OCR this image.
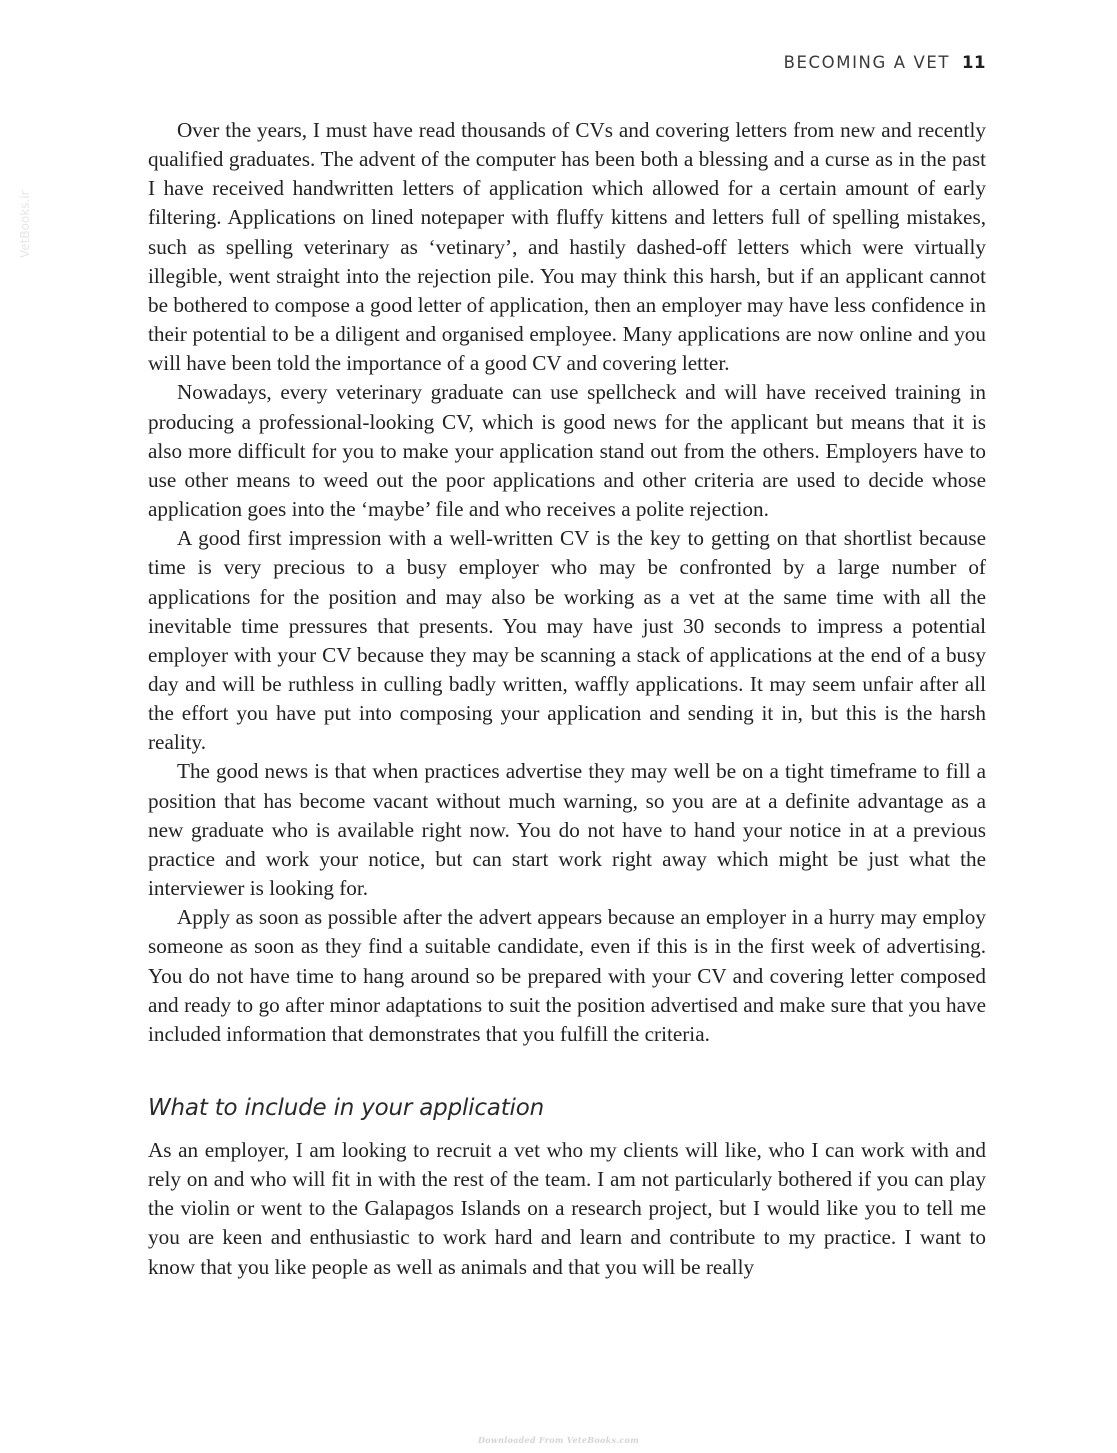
BECOMING A VET 11
VetBooks.ir

Over the years, I must have read thousands of CVs and covering letters from new and recently qualified graduates. The advent of the computer has been both a blessing and a curse as in the past I have received handwritten letters of application which allowed for a certain amount of early filtering. Applications on lined notepaper with fluffy kittens and letters full of spelling mistakes, such as spelling veterinary as ‘vetinary’, and hastily dashed-off letters which were virtually illegible, went straight into the rejection pile. You may think this harsh, but if an applicant cannot be bothered to compose a good letter of application, then an employer may have less confidence in their potential to be a diligent and organised employee. Many applications are now online and you will have been told the importance of a good CV and covering letter.

Nowadays, every veterinary graduate can use spellcheck and will have received training in producing a professional-looking CV, which is good news for the applicant but means that it is also more difficult for you to make your application stand out from the others. Employers have to use other means to weed out the poor applications and other criteria are used to decide whose application goes into the ‘maybe’ file and who receives a polite rejection.

A good first impression with a well-written CV is the key to getting on that shortlist because time is very precious to a busy employer who may be confronted by a large number of applications for the position and may also be working as a vet at the same time with all the inevitable time pressures that presents. You may have just 30 seconds to impress a potential employer with your CV because they may be scanning a stack of applications at the end of a busy day and will be ruthless in culling badly written, waffly applications. It may seem unfair after all the effort you have put into composing your application and sending it in, but this is the harsh reality.

The good news is that when practices advertise they may well be on a tight timeframe to fill a position that has become vacant without much warning, so you are at a definite advantage as a new graduate who is available right now. You do not have to hand your notice in at a previous practice and work your notice, but can start work right away which might be just what the interviewer is looking for.

Apply as soon as possible after the advert appears because an employer in a hurry may employ someone as soon as they find a suitable candidate, even if this is in the first week of advertising. You do not have time to hang around so be prepared with your CV and covering letter composed and ready to go after minor adaptations to suit the position advertised and make sure that you have included information that demonstrates that you fulfill the criteria.

What to include in your application

As an employer, I am looking to recruit a vet who my clients will like, who I can work with and rely on and who will fit in with the rest of the team. I am not particularly bothered if you can play the violin or went to the Galapagos Islands on a research project, but I would like you to tell me you are keen and enthusiastic to work hard and learn and contribute to my practice. I want to know that you like people as well as animals and that you will be really

Downloaded From VeteBooks.com
